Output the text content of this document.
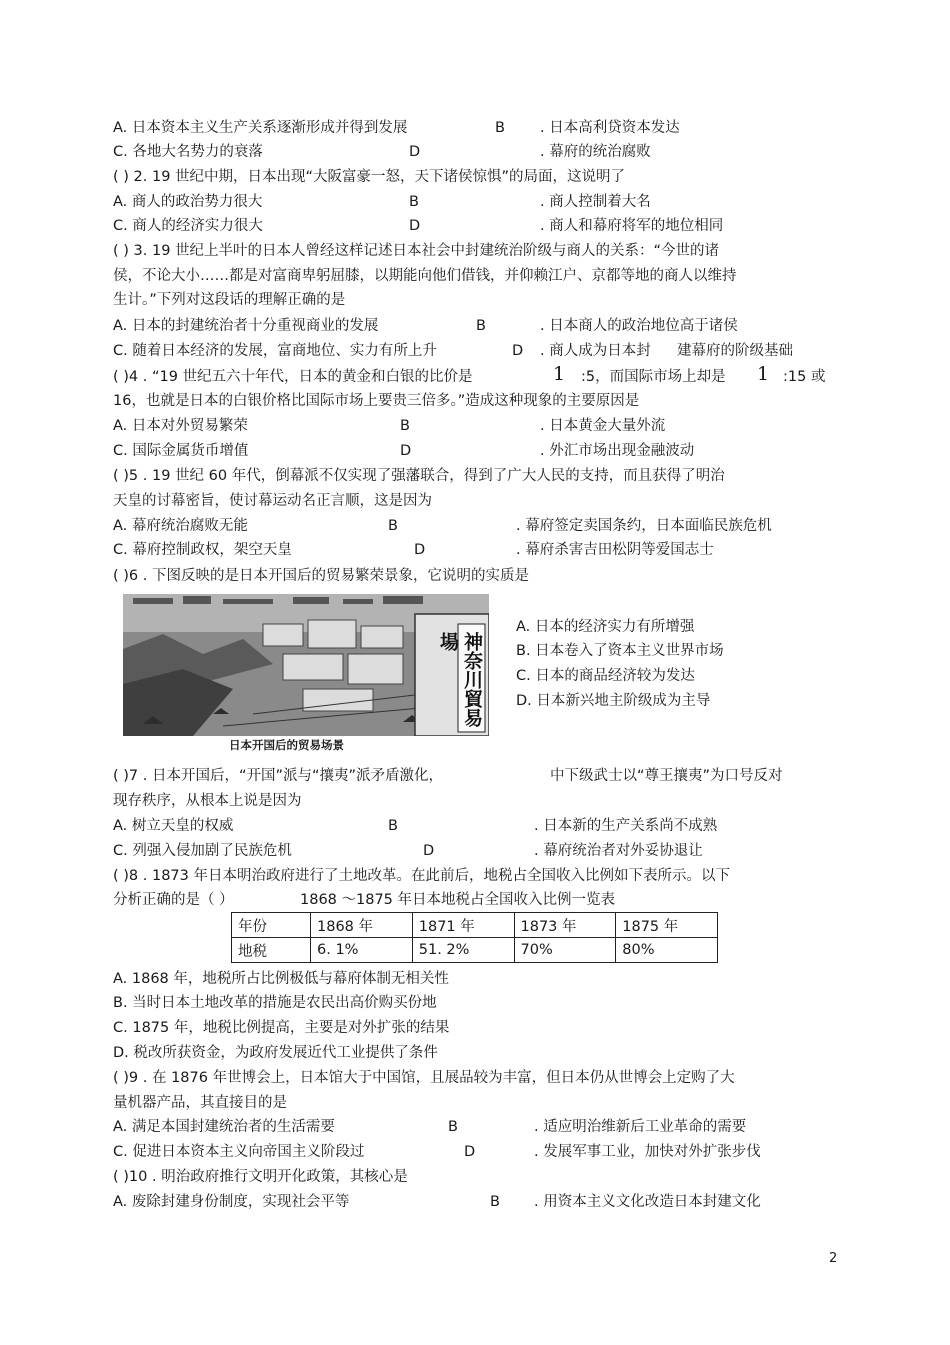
A. 日本资本主义生产关系逐渐形成并得到发展	B . 日本高利贷资本发达
C. 各地大名势力的衰落	D	. 幕府的统治腐败
( ) 2. 19 世纪中期，日本出现“大阪富豪一怒，天下诸侯惊惧”的局面，这说明了
A. 商人的政治势力很大	B	. 商人控制着大名
C. 商人的经济实力很大	D	. 商人和幕府将军的地位相同
( ) 3. 19 世纪上半叶的日本人曾经这样记述日本社会中封建统治阶级与商人的关系：“今世的诸
侯，不论大小……都是对富商卑躬屈膝，以期能向他们借钱，并仰赖江户、京都等地的商人以维持
生计。”下列对这段话的理解正确的是
A. 日本的封建统治者十分重视商业的发展	B	. 日本商人的政治地位高于诸侯
C. 随着日本经济的发展，富商地位、实力有所上升	D . 商人成为日本封 建幕府的阶级基础
( )4 . “19 世纪五六十年代，日本的黄金和白银的比价是	1 :5，而国际市场上却是 1 :15 或
16，也就是日本的白银价格比国际市场上要贵三倍多。”造成这种现象的主要原因是
A. 日本对外贸易繁荣	B	. 日本黄金大量外流
C. 国际金属货币增值	D	. 外汇市场出现金融波动
( )5 . 19 世纪 60 年代，倒幕派不仅实现了强藩联合，得到了广大人民的支持，而且获得了明治
天皇的讨幕密旨，使讨幕运动名正言顺，这是因为
A. 幕府统治腐败无能	B	. 幕府签定卖国条约，日本面临民族危机
C. 幕府控制政权，架空天皇	D	. 幕府杀害吉田松阴等爱国志士
( )6 . 下图反映的是日本开国后的贸易繁荣景象，它说明的实质是
神奈川貿易場
日本开国后的贸易场景
A. 日本的经济实力有所增强
B. 日本卷入了资本主义世界市场
C. 日本的商品经济较为发达
D. 日本新兴地主阶级成为主导
( )7 . 日本开国后，“开国”派与“攘夷”派矛盾激化，	中下级武士以“尊王攘夷”为口号反对
现存秩序，从根本上说是因为
A. 树立天皇的权威	B	. 日本新的生产关系尚不成熟
C. 列强入侵加剧了民族危机	D	. 幕府统治者对外妥协退让
( )8 . 1873 年日本明治政府进行了土地改革。在此前后，地税占全国收入比例如下表所示。以下
分析正确的是（ ）	1868 ～1875 年日本地税占全国收入比例一览表
年份	1868 年	1871 年	1873 年	1875 年
地税	6. 1%	51. 2%	70%	80%
A. 1868 年，地税所占比例极低与幕府体制无相关性
B. 当时日本土地改革的措施是农民出高价购买份地
C. 1875 年，地税比例提高，主要是对外扩张的结果
D. 税改所获资金，为政府发展近代工业提供了条件
( )9 . 在 1876 年世博会上，日本馆大于中国馆，且展品较为丰富，但日本仍从世博会上定购了大
量机器产品，其直接目的是
A. 满足本国封建统治者的生活需要	B	. 适应明治维新后工业革命的需要
C. 促进日本资本主义向帝国主义阶段过	D	. 发展军事工业，加快对外扩张步伐
( )10 . 明治政府推行文明开化政策，其核心是
A. 废除封建身份制度，实现社会平等	B . 用资本主义文化改造日本封建文化
2
